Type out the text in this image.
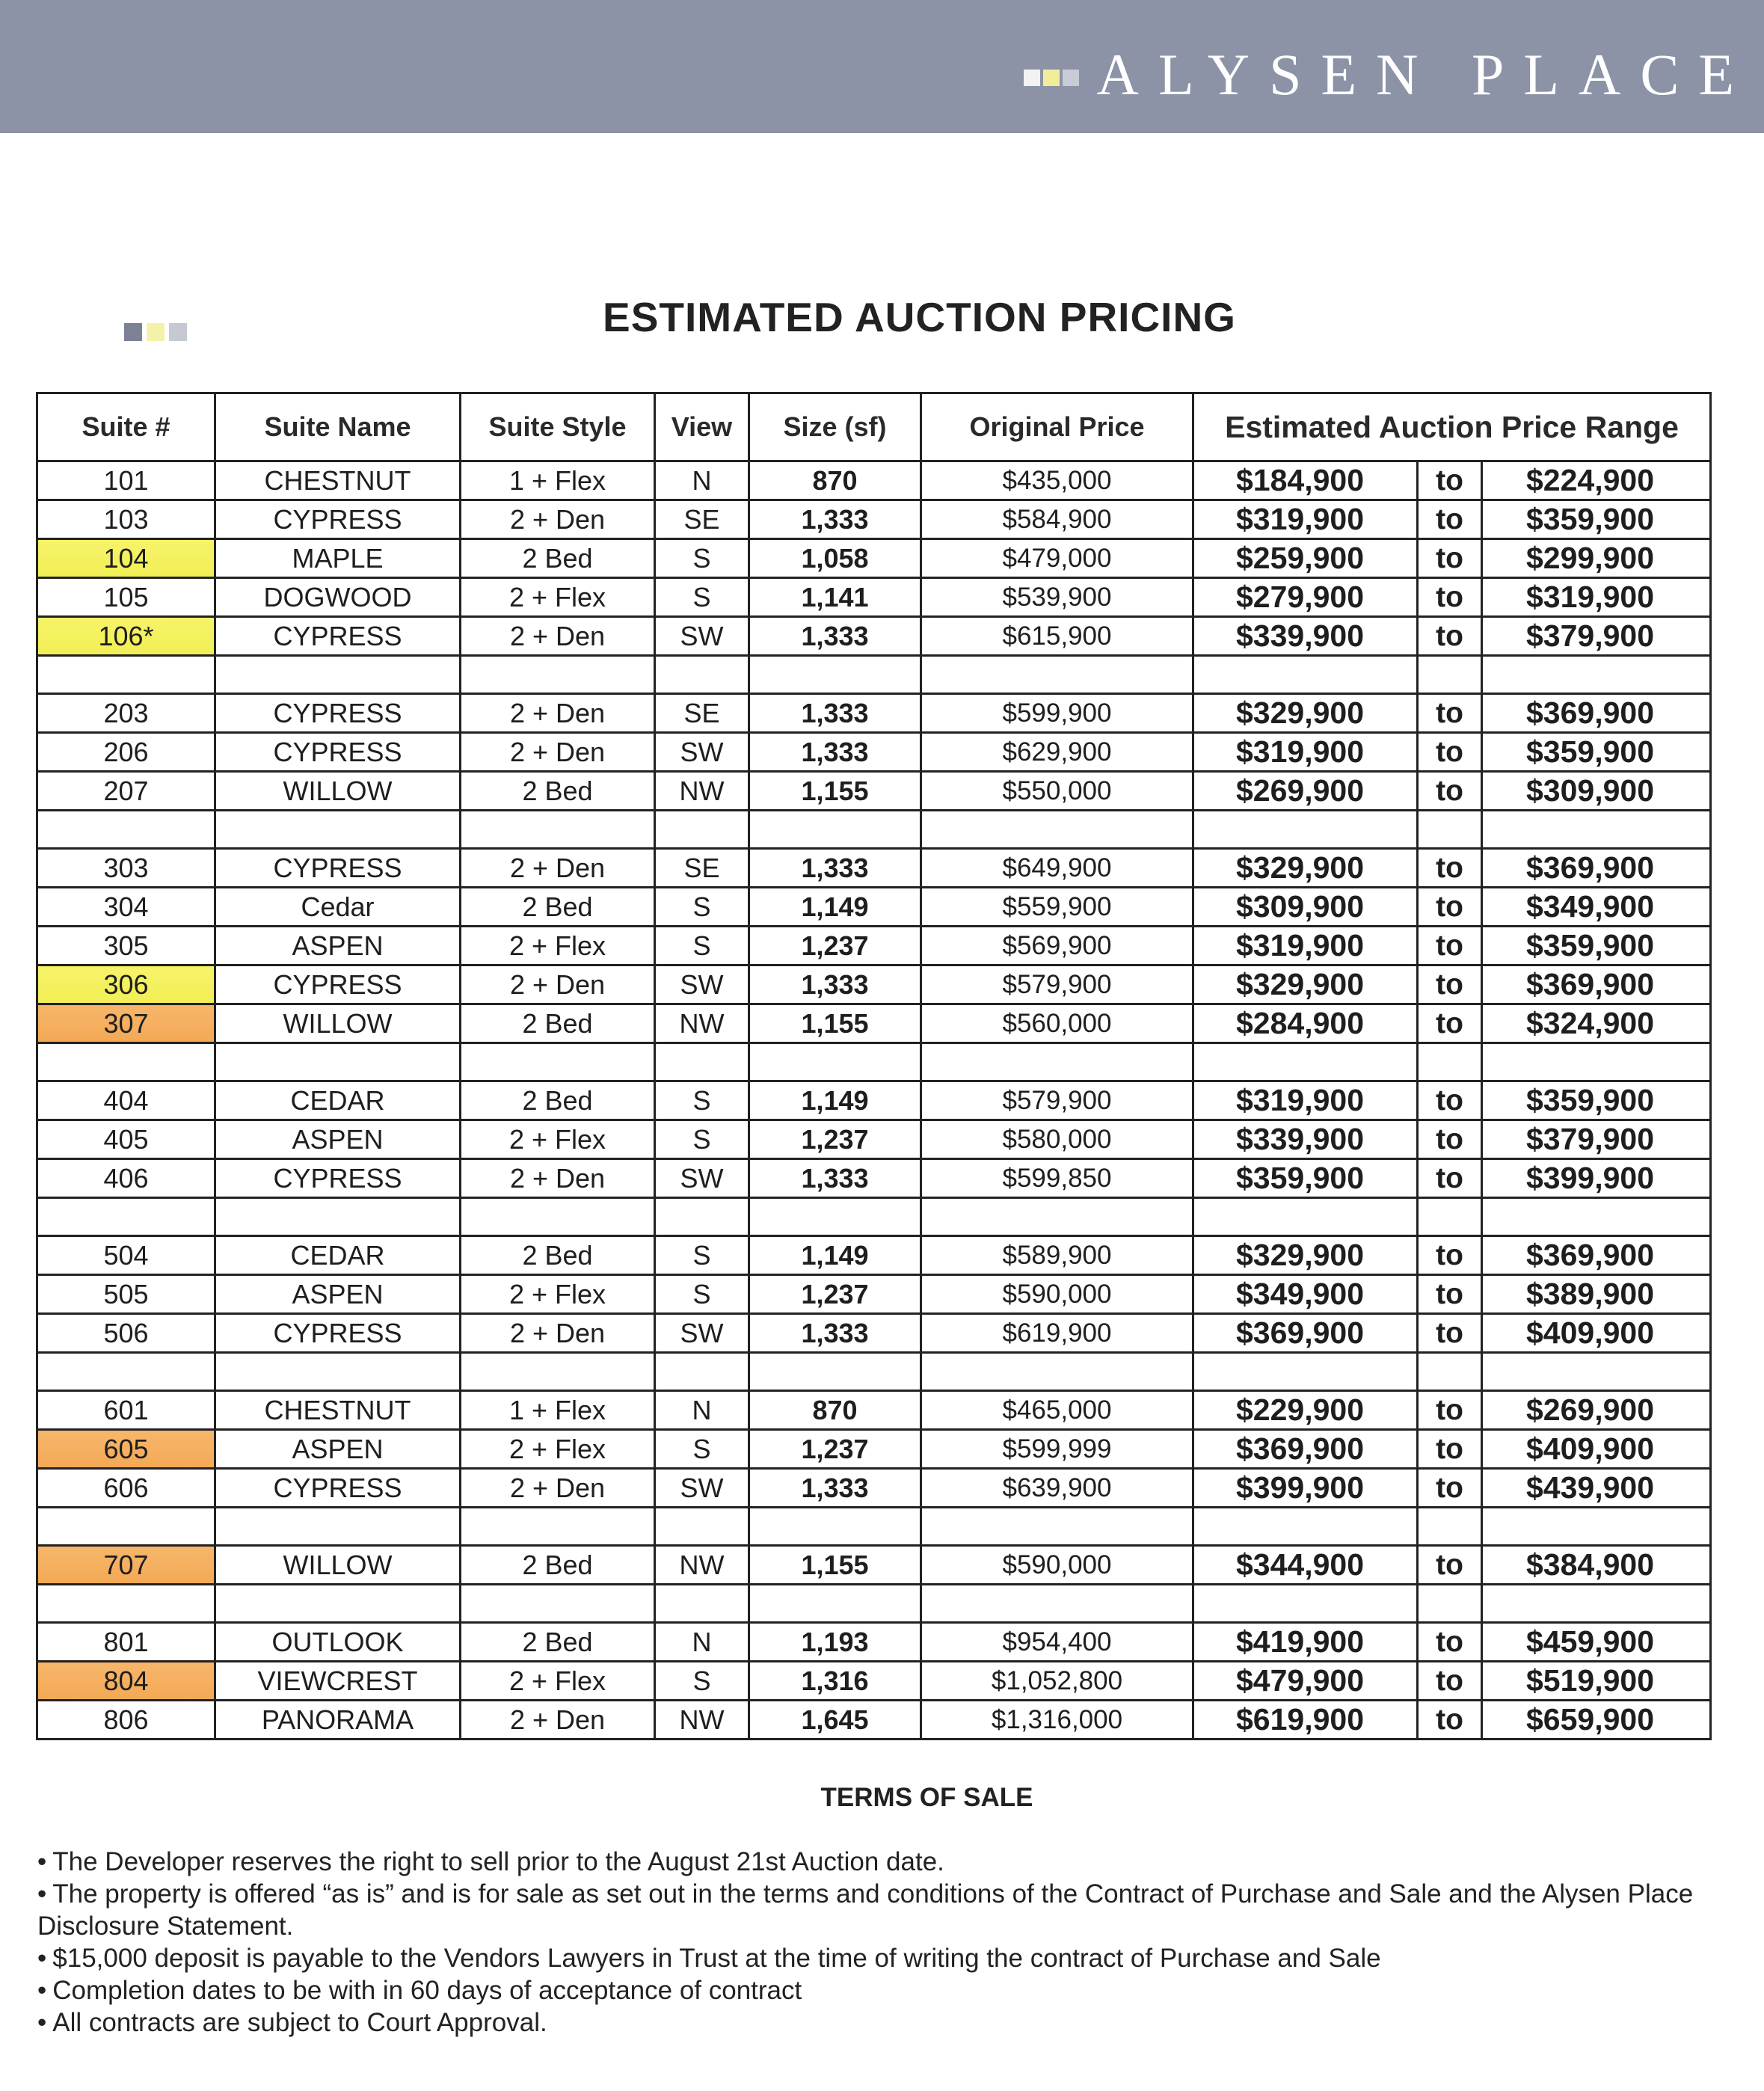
ALYSEN PLACE
ESTIMATED AUCTION PRICING
Suite #	Suite Name	Suite Style	View	Size (sf)	Original Price	Estimated Auction Price Range		
101	CHESTNUT	1 + Flex	N	870	$435,000	$184,900	to	$224,900
103	CYPRESS	2 + Den	SE	1,333	$584,900	$319,900	to	$359,900
104	MAPLE	2 Bed	S	1,058	$479,000	$259,900	to	$299,900
105	DOGWOOD	2 + Flex	S	1,141	$539,900	$279,900	to	$319,900
106*	CYPRESS	2 + Den	SW	1,333	$615,900	$339,900	to	$379,900

203	CYPRESS	2 + Den	SE	1,333	$599,900	$329,900	to	$369,900
206	CYPRESS	2 + Den	SW	1,333	$629,900	$319,900	to	$359,900
207	WILLOW	2 Bed	NW	1,155	$550,000	$269,900	to	$309,900

303	CYPRESS	2 + Den	SE	1,333	$649,900	$329,900	to	$369,900
304	Cedar	2 Bed	S	1,149	$559,900	$309,900	to	$349,900
305	ASPEN	2 + Flex	S	1,237	$569,900	$319,900	to	$359,900
306	CYPRESS	2 + Den	SW	1,333	$579,900	$329,900	to	$369,900
307	WILLOW	2 Bed	NW	1,155	$560,000	$284,900	to	$324,900

404	CEDAR	2 Bed	S	1,149	$579,900	$319,900	to	$359,900
405	ASPEN	2 + Flex	S	1,237	$580,000	$339,900	to	$379,900
406	CYPRESS	2 + Den	SW	1,333	$599,850	$359,900	to	$399,900

504	CEDAR	2 Bed	S	1,149	$589,900	$329,900	to	$369,900
505	ASPEN	2 + Flex	S	1,237	$590,000	$349,900	to	$389,900
506	CYPRESS	2 + Den	SW	1,333	$619,900	$369,900	to	$409,900

601	CHESTNUT	1 + Flex	N	870	$465,000	$229,900	to	$269,900
605	ASPEN	2 + Flex	S	1,237	$599,999	$369,900	to	$409,900
606	CYPRESS	2 + Den	SW	1,333	$639,900	$399,900	to	$439,900

707	WILLOW	2 Bed	NW	1,155	$590,000	$344,900	to	$384,900

801	OUTLOOK	2 Bed	N	1,193	$954,400	$419,900	to	$459,900
804	VIEWCREST	2 + Flex	S	1,316	$1,052,800	$479,900	to	$519,900
806	PANORAMA	2 + Den	NW	1,645	$1,316,000	$619,900	to	$659,900
TERMS OF SALE
• The Developer reserves the right to sell prior to the August 21st Auction date.
• The property is offered “as is” and is for sale as set out in the terms and conditions of the Contract of Purchase and Sale and the Alysen Place Disclosure Statement.
• $15,000 deposit is payable to the Vendors Lawyers in Trust at the time of writing the contract of Purchase and Sale
• Completion dates to be with in 60 days of acceptance of contract
• All contracts are subject to Court Approval.
